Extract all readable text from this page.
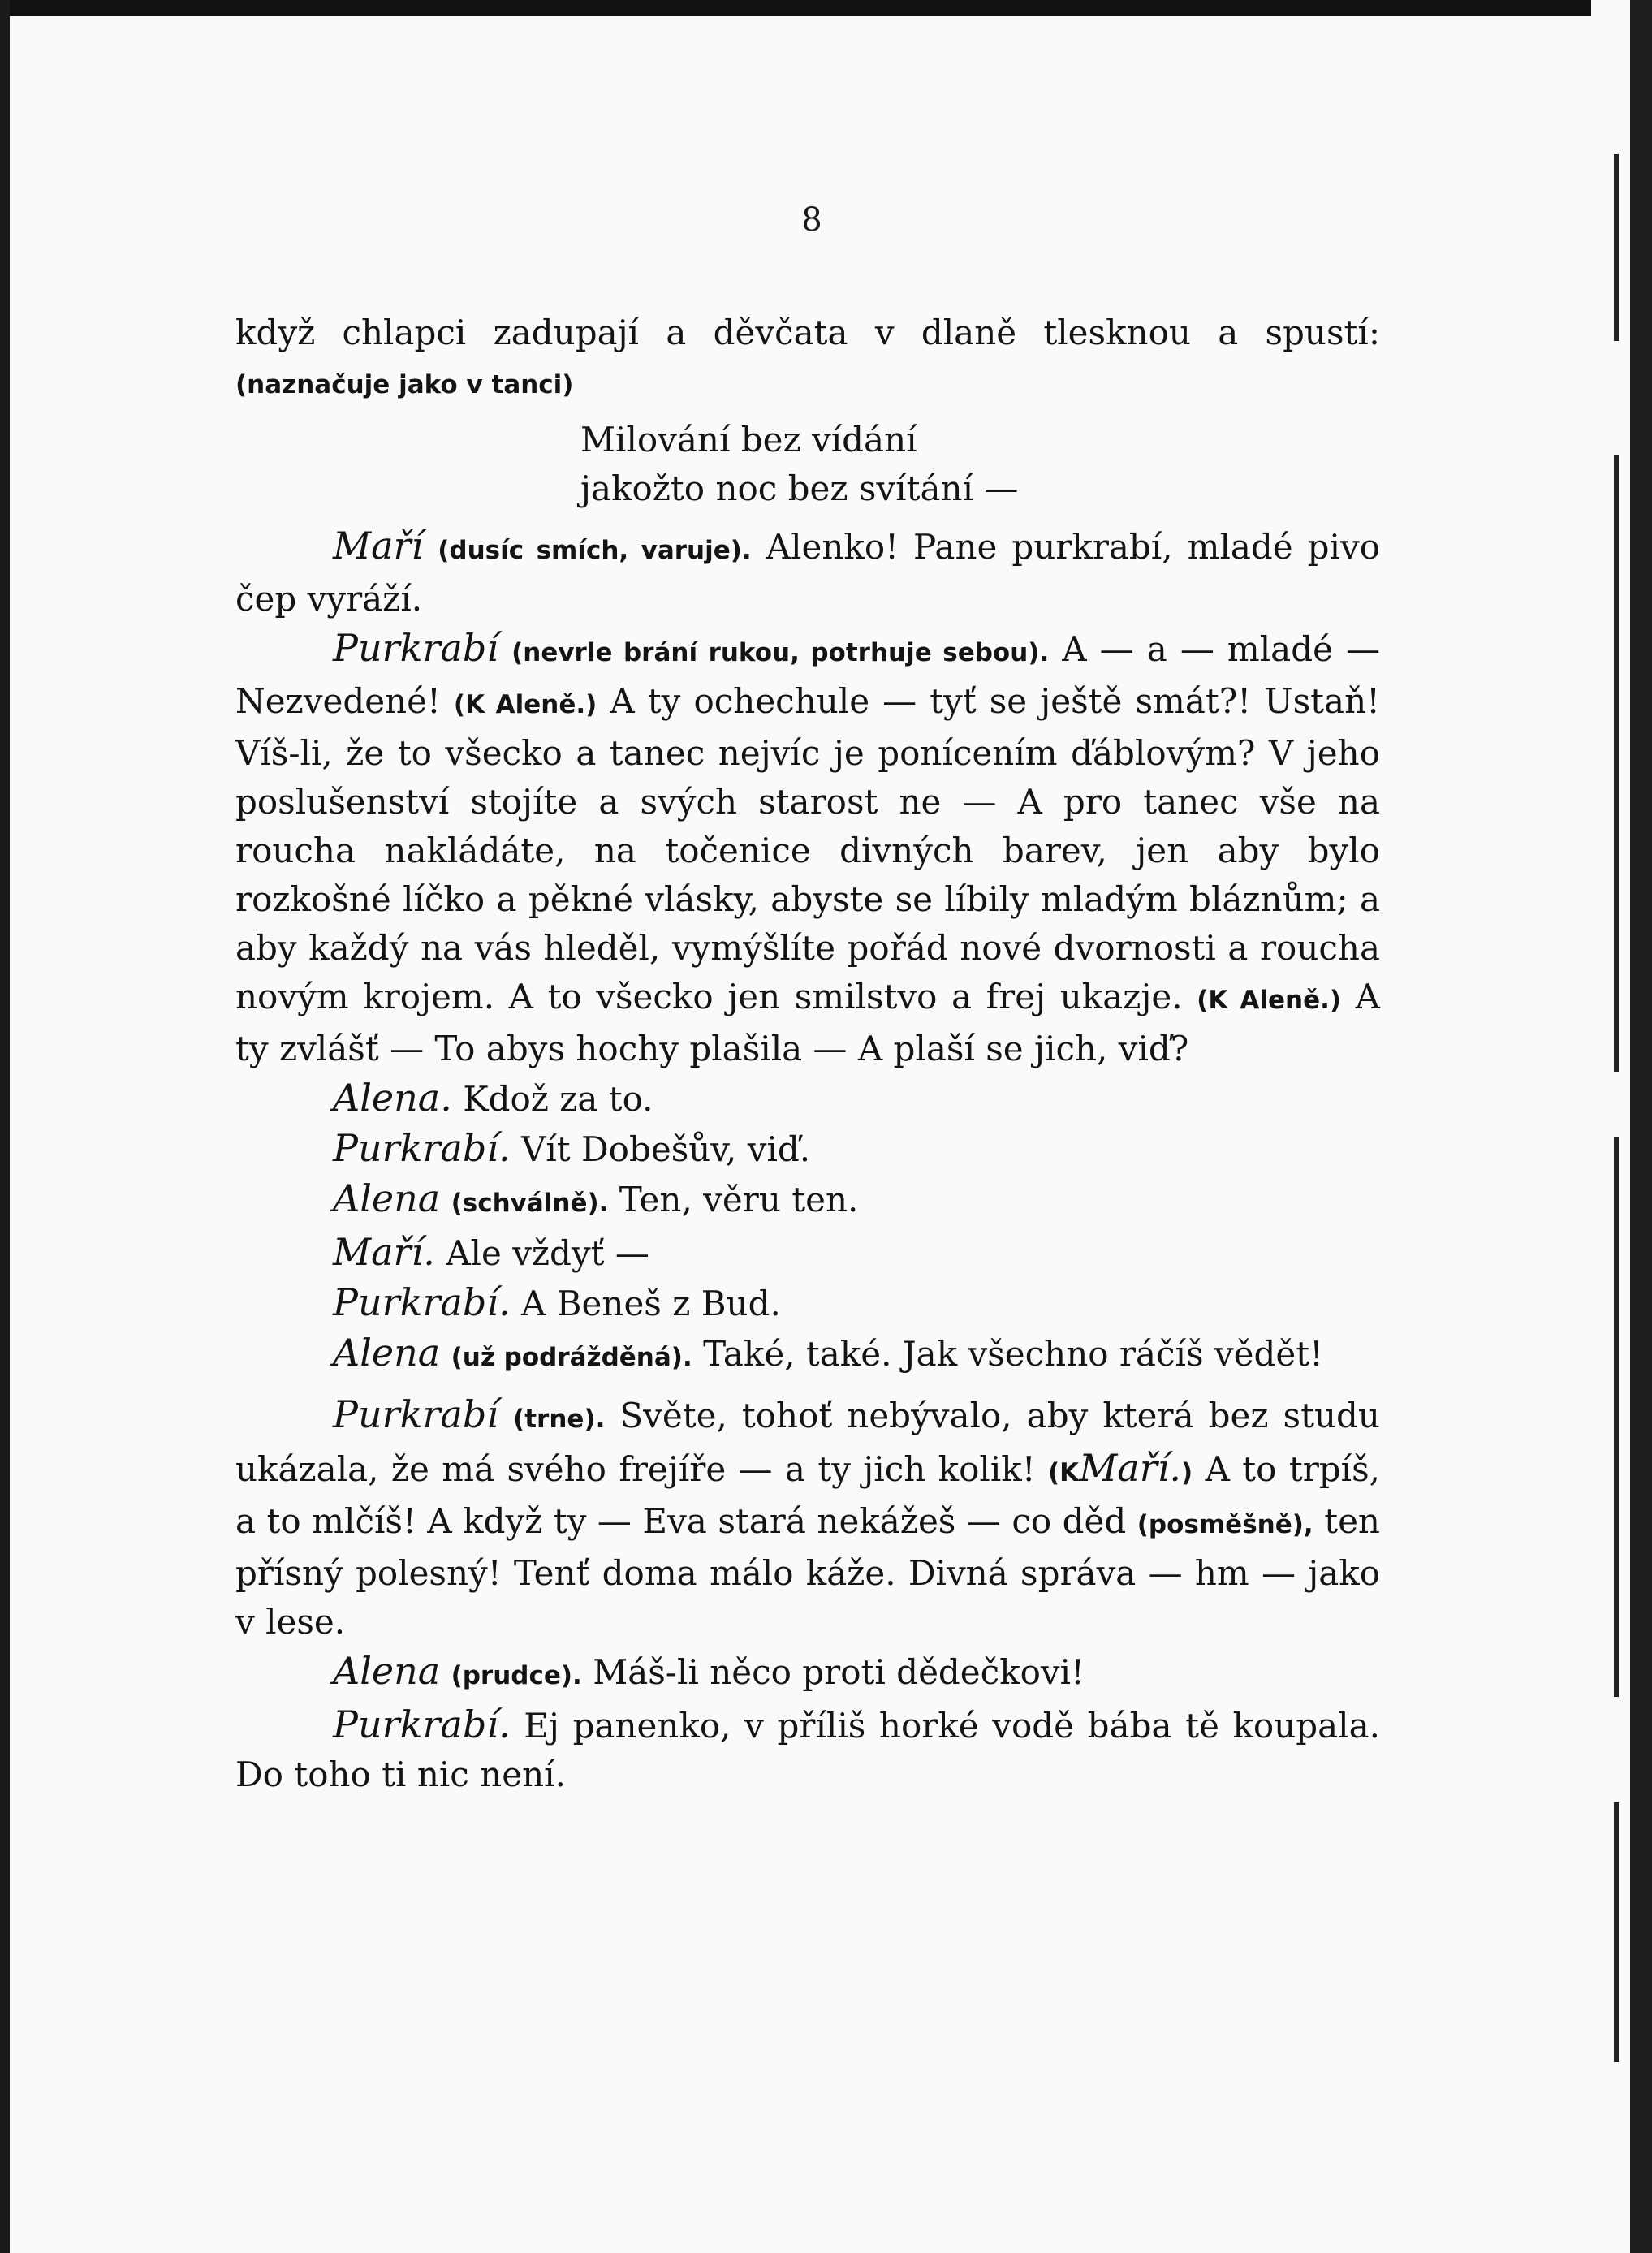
8

když chlapci zadupají a děvčata v dlaně tlesknou a spustí: (naznačuje jako v tanci)

Milování bez vídání
jakožto noc bez svítání —

Maří (dusíc smích, varuje). Alenko! Pane purkrabí, mladé pivo čep vyráží.

Purkrabí (nevrle brání rukou, potrhuje sebou). A — a — mladé — Nezvedené! (K Aleně.) A ty ochechule — tyť se ještě smát?! Ustaň! Víš-li, že to všecko a tanec nejvíc je ponícením ďáblovým? V jeho poslušenství stojíte a svých starost ne — A pro tanec vše na roucha nakládáte, na točenice divných barev, jen aby bylo rozkošné líčko a pěkné vlásky, abyste se líbily mladým bláznům; a aby každý na vás hleděl, vymýšlíte pořád nové dvornosti a roucha novým krojem. A to všecko jen smilstvo a frej ukazje. (K Aleně.) A ty zvlášť — To abys hochy plašila — A plaší se jich, viď?

Alena. Kdož za to.

Purkrabí. Vít Dobešův, viď.

Alena (schválně). Ten, věru ten.

Maří. Ale vždyť —

Purkrabí. A Beneš z Bud.

Alena (už podrážděná). Také, také. Jak všechno ráčíš vědět!

Purkrabí (trne). Světe, tohoť nebývalo, aby která bez studu ukázala, že má svého frejíře — a ty jich kolik! (KMaří.) A to trpíš, a to mlčíš! A když ty — Eva stará nekážeš — co děd (posměšně), ten přísný polesný! Tenť doma málo káže. Divná správa — hm — jako v lese.

Alena (prudce). Máš-li něco proti dědečkovi!

Purkrabí. Ej panenko, v příliš horké vodě bába tě koupala. Do toho ti nic není.
